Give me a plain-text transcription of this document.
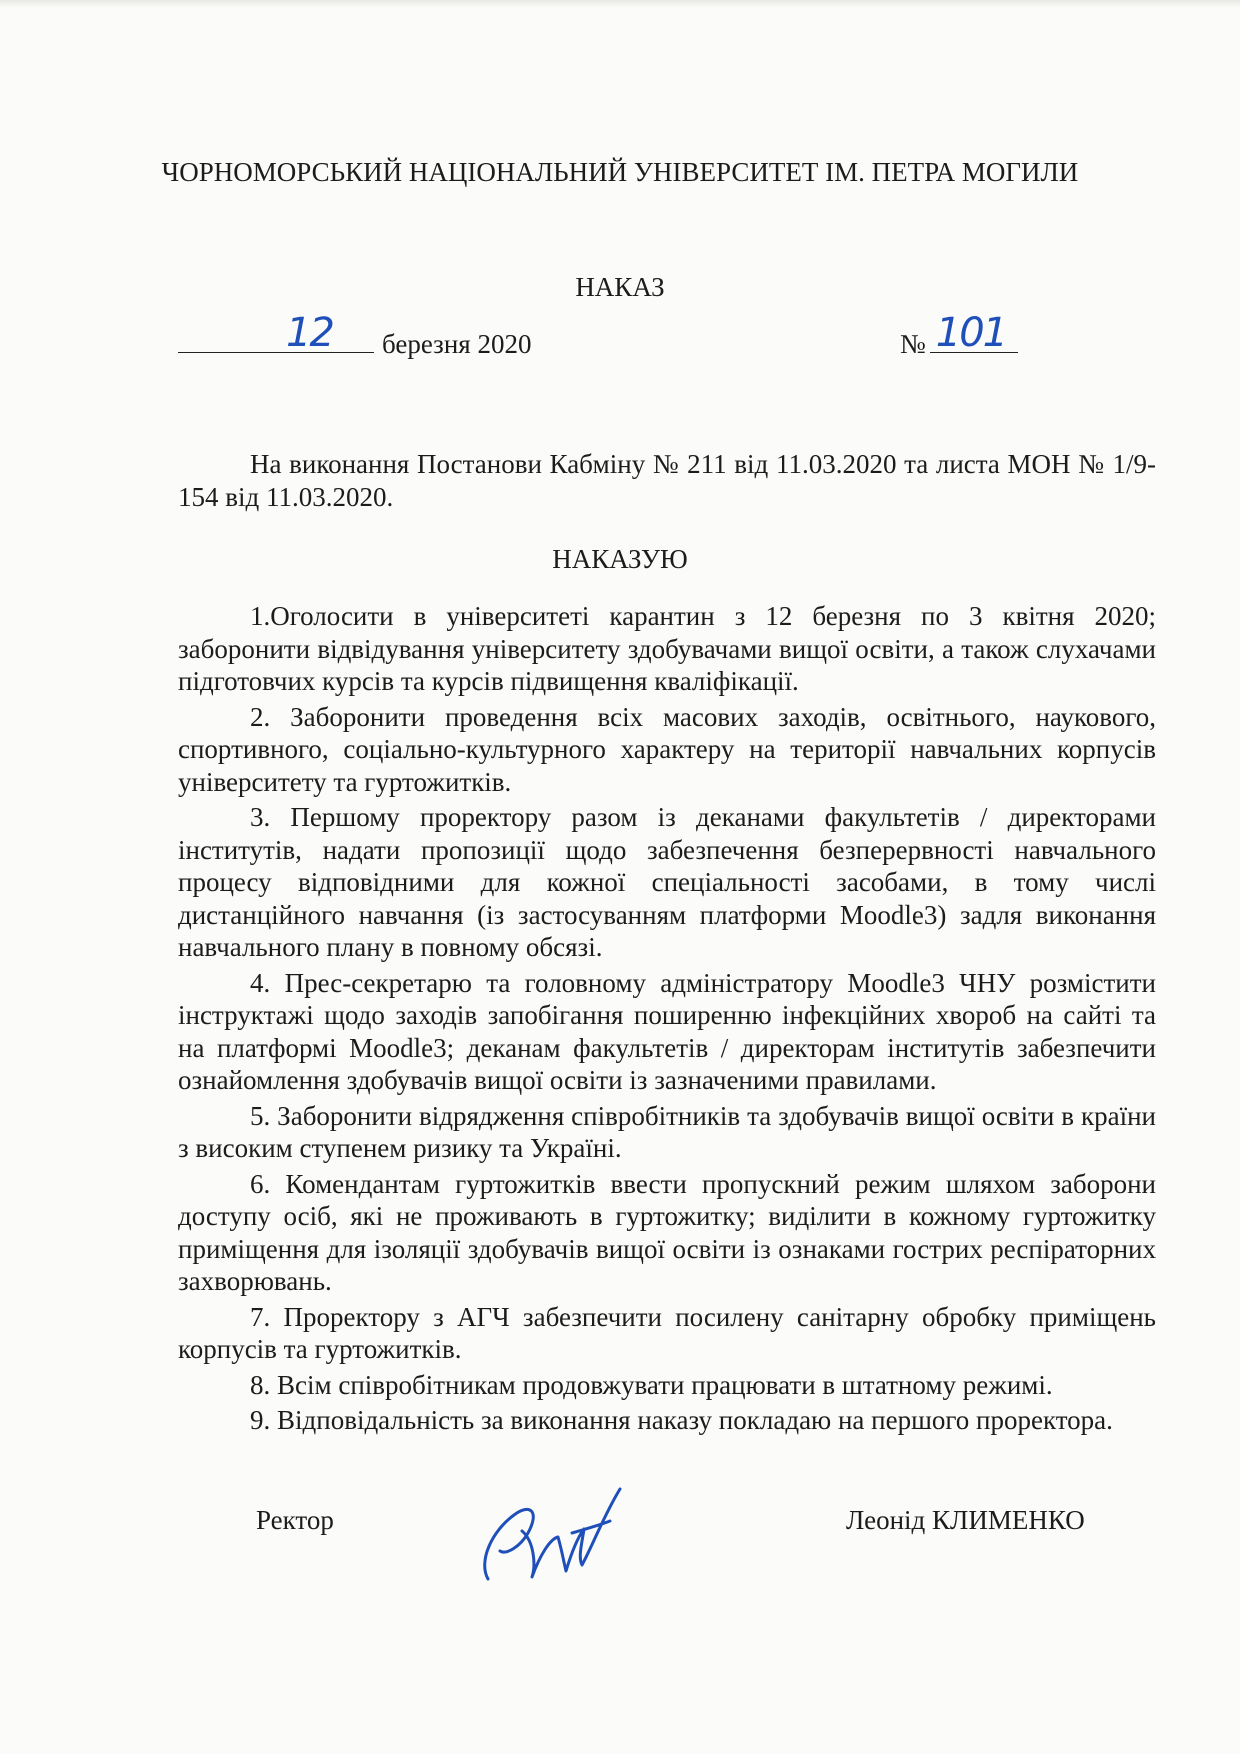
ЧОРНОМОРСЬКИЙ НАЦІОНАЛЬНИЙ УНІВЕРСИТЕТ ІМ. ПЕТРА МОГИЛИ
НАКАЗ
12 березня 2020	№ 101
На виконання Постанови Кабміну № 211 від 11.03.2020 та листа МОН № 1/9-154 від 11.03.2020.
НАКАЗУЮ

1.Оголосити в університеті карантин з 12 березня по 3 квітня 2020; заборонити відвідування університету здобувачами вищої освіти, а також слухачами підготовчих курсів та курсів підвищення кваліфікації.

2. Заборонити проведення всіх масових заходів, освітнього, наукового, спортивного, соціально-культурного характеру на території навчальних корпусів університету та гуртожитків.

3. Першому проректору разом із деканами факультетів / директорами інститутів, надати пропозиції щодо забезпечення безперервності навчального процесу відповідними для кожної спеціальності засобами, в тому числі дистанційного навчання (із застосуванням платформи Moodle3) задля виконання навчального плану в повному обсязі.

4. Прес-секретарю та головному адміністратору Moodle3 ЧНУ розмістити інструктажі щодо заходів запобігання поширенню інфекційних хвороб на сайті та на платформі Moodle3; деканам факультетів / директорам інститутів забезпечити ознайомлення здобувачів вищої освіти із зазначеними правилами.

5. Заборонити відрядження співробітників та здобувачів вищої освіти в країни з високим ступенем ризику та Україні.

6. Комендантам гуртожитків ввести пропускний режим шляхом заборони доступу осіб, які не проживають в гуртожитку; виділити в кожному гуртожитку приміщення для ізоляції здобувачів вищої освіти із ознаками гострих респіраторних захворювань.

7. Проректору з АГЧ забезпечити посилену санітарну обробку приміщень корпусів та гуртожитків.

8. Всім співробітникам продовжувати працювати в штатному режимі.

9. Відповідальність за виконання наказу покладаю на першого проректора.

Ректор	Леонід КЛИМЕНКО
